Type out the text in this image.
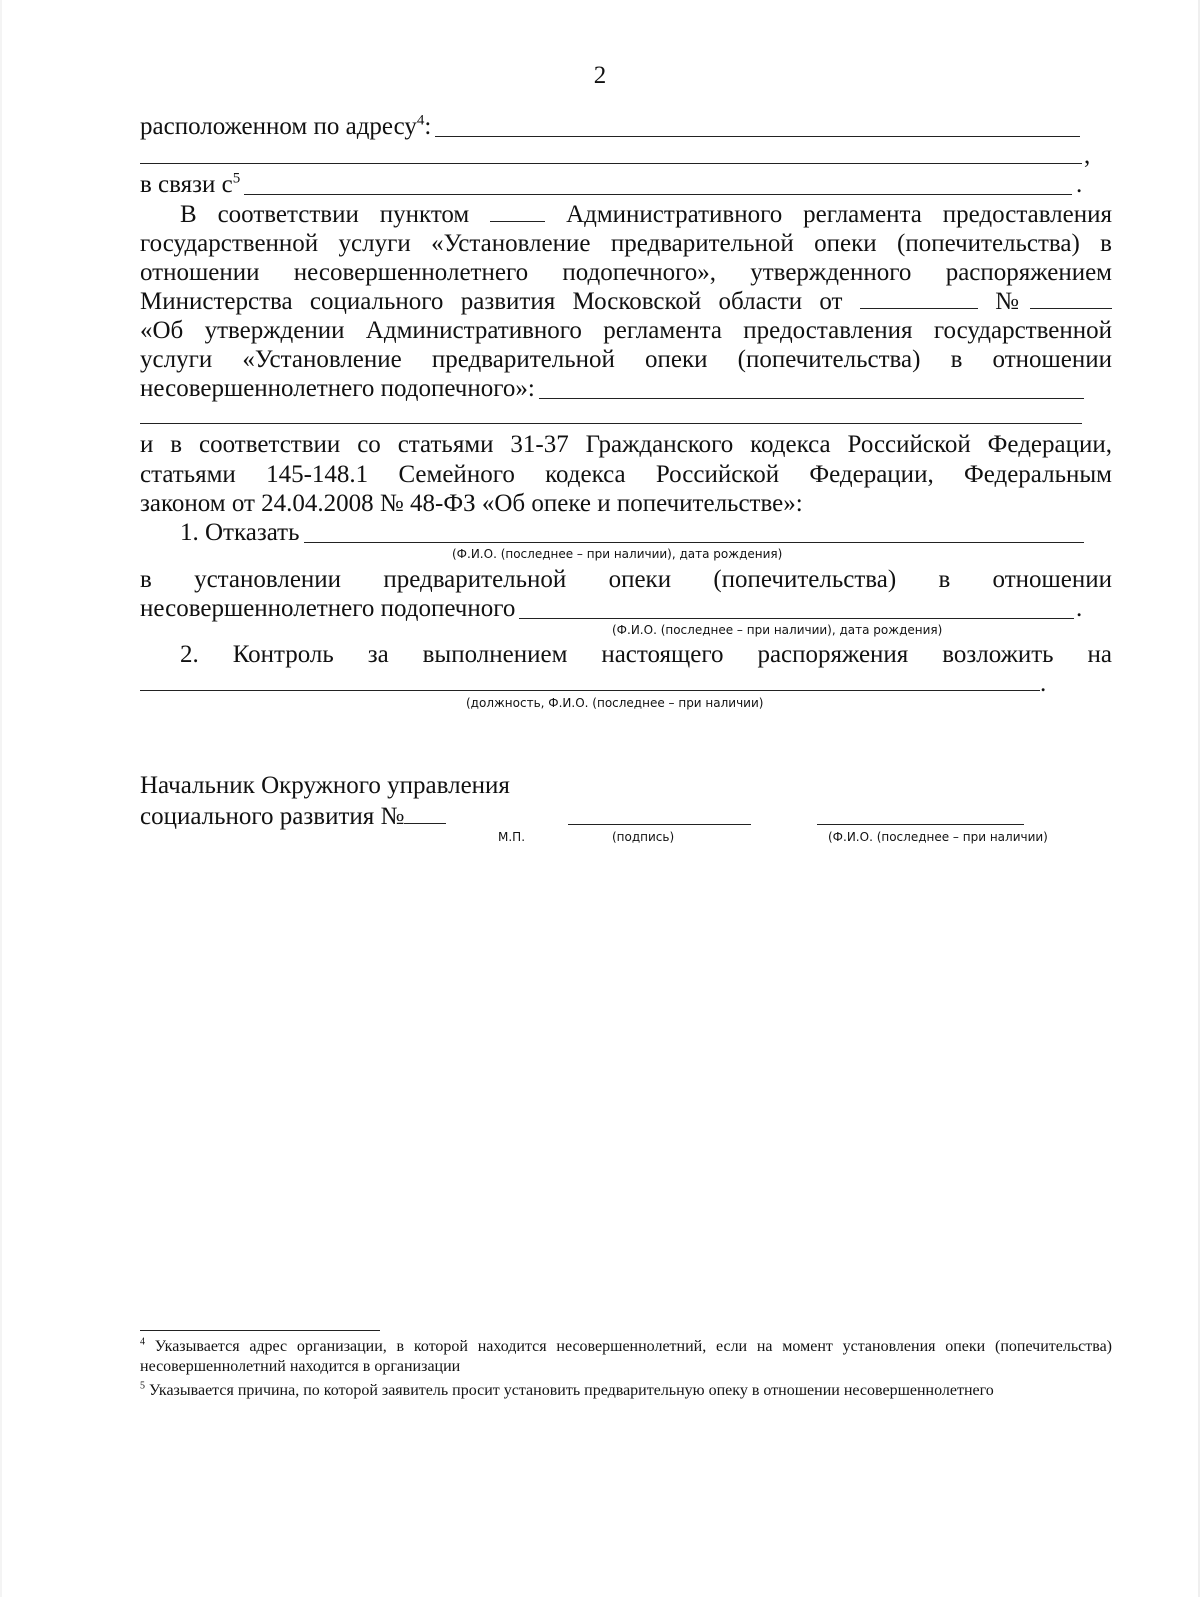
2
расположенном по адресу$^4$:
,
в связи $с^5$	.
В соответствии пунктом	Административного регламента предоставления
государственной услуги «Установление предварительной опеки (попечительства) в
отношении несовершеннолетнего подопечного», утвержденного распоряжением
Министерства социального развития Московской области от	№
«Об утверждении Административного регламента предоставления государственной
услуги «Установление предварительной опеки (попечительства) в отношении
несовершеннолетнего подопечного»:
и в соответствии со статьями 31-37 Гражданского кодекса Российской Федерации,
статьями 145-148.1 Семейного кодекса Российской Федерации, Федеральным
законом от 24.04.2008 № 48-ФЗ «Об опеке и попечительстве»:
1. Отказать
(Ф.И.О. (последнее – при наличии), дата рождения)
в установлении предварительной опеки (попечительства) в отношении
несовершеннолетнего подопечного	.
(Ф.И.О. (последнее – при наличии), дата рождения)
2. Контроль за выполнением настоящего распоряжения возложить на
.
(должность, Ф.И.О. (последнее – при наличии)
Начальник Окружного управления
социального развития №
М.П.	(подпись)	(Ф.И.О. (последнее – при наличии)
$^4$ Указывается адрес организации, в которой находится несовершеннолетний, если на момент установления опеки (попечительства) несовершеннолетний находится в организации
$^5$ Указывается причина, по которой заявитель просит установить предварительную опеку в отношении несовершеннолетнего
